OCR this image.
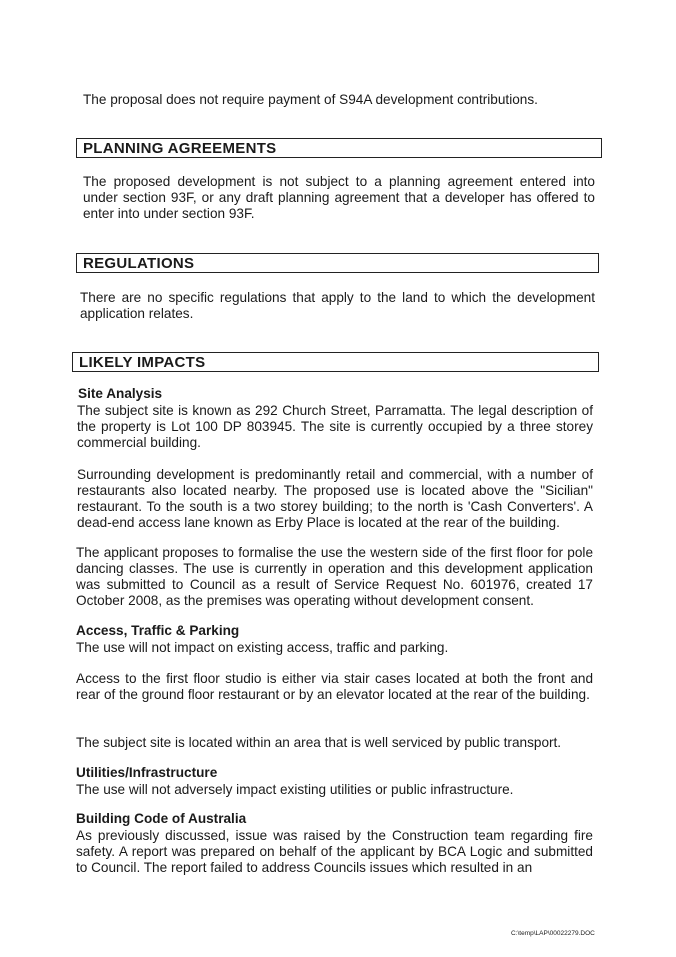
The proposal does not require payment of S94A development contributions.
PLANNING AGREEMENTS
The proposed development is not subject to a planning agreement entered into under section 93F, or any draft planning agreement that a developer has offered to enter into under section 93F.
REGULATIONS
There are no specific regulations that apply to the land to which the development application relates.
LIKELY IMPACTS
Site Analysis
The subject site is known as 292 Church Street, Parramatta. The legal description of the property is Lot 100 DP 803945. The site is currently occupied by a three storey commercial building.
Surrounding development is predominantly retail and commercial, with a number of restaurants also located nearby. The proposed use is located above the "Sicilian" restaurant. To the south is a two storey building; to the north is 'Cash Converters'. A dead-end access lane known as Erby Place is located at the rear of the building.
The applicant proposes to formalise the use the western side of the first floor for pole dancing classes. The use is currently in operation and this development application was submitted to Council as a result of Service Request No. 601976, created 17 October 2008, as the premises was operating without development consent.
Access, Traffic & Parking
The use will not impact on existing access, traffic and parking.
Access to the first floor studio is either via stair cases located at both the front and rear of the ground floor restaurant or by an elevator located at the rear of the building.
The subject site is located within an area that is well serviced by public transport.
Utilities/Infrastructure
The use will not adversely impact existing utilities or public infrastructure.
Building Code of Australia
As previously discussed, issue was raised by the Construction team regarding fire safety. A report was prepared on behalf of the applicant by BCA Logic and submitted to Council. The report failed to address Councils issues which resulted in an
C:\temp\LAP\00022279.DOC
